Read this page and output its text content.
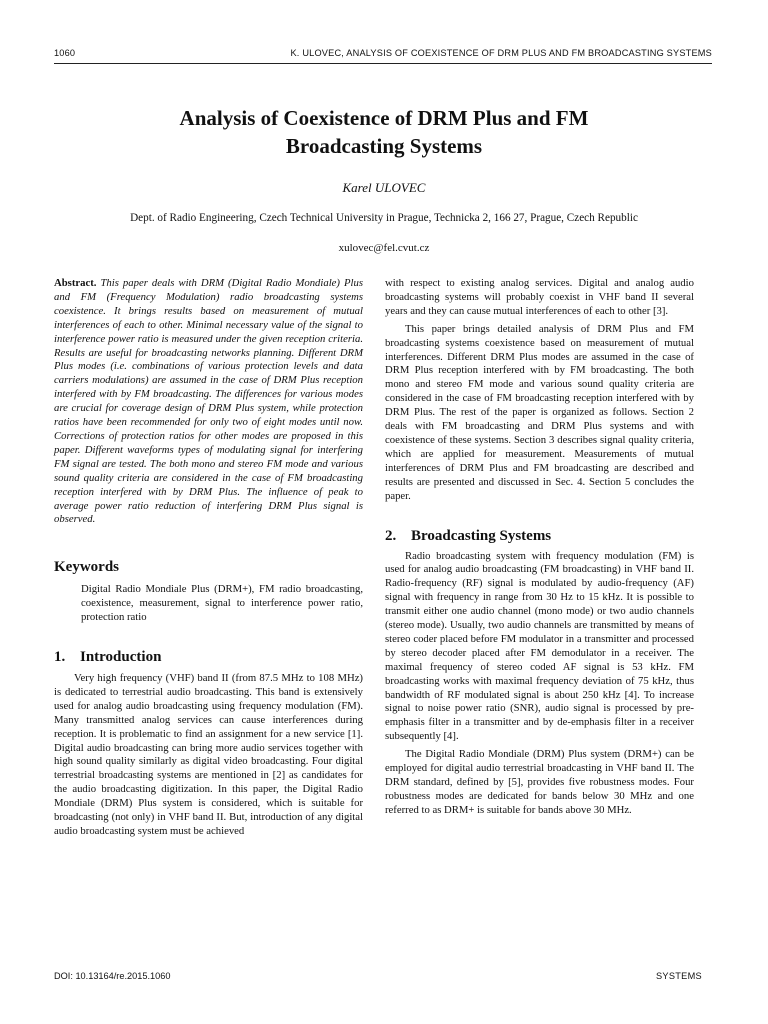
1060	K. ULOVEC, ANALYSIS OF COEXISTENCE OF DRM PLUS AND FM BROADCASTING SYSTEMS
Analysis of Coexistence of DRM Plus and FM
Broadcasting Systems
Karel ULOVEC
Dept. of Radio Engineering, Czech Technical University in Prague, Technicka 2, 166 27, Prague, Czech Republic
xulovec@fel.cvut.cz

Abstract. This paper deals with DRM (Digital Radio Mondiale) Plus and FM (Frequency Modulation) radio broadcasting systems coexistence. It brings results based on measurement of mutual interferences of each to other. Minimal necessary value of the signal to interference power ratio is measured under the given reception criteria. Results are useful for broadcasting networks planning. Different DRM Plus modes (i.e. combinations of various protection levels and data carriers modulations) are assumed in the case of DRM Plus reception interfered with by FM broadcasting. The differences for various modes are crucial for coverage design of DRM Plus system, while protection ratios have been recommended for only two of eight modes until now. Corrections of protection ratios for other modes are proposed in this paper. Different waveforms types of modulating signal for interfering FM signal are tested. The both mono and stereo FM mode and various sound quality criteria are considered in the case of FM broadcasting reception interfered with by DRM Plus. The influence of peak to average power ratio reduction of interfering DRM Plus signal is observed.

Keywords

Digital Radio Mondiale Plus (DRM+), FM radio broadcasting, coexistence, measurement, signal to interference power ratio, protection ratio

1. Introduction

Very high frequency (VHF) band II (from 87.5 MHz to 108 MHz) is dedicated to terrestrial audio broadcasting. This band is extensively used for analog audio broadcasting using frequency modulation (FM). Many transmitted analog services can cause interferences during reception. It is problematic to find an assignment for a new service [1]. Digital audio broadcasting can bring more audio services together with high sound quality similarly as digital video broadcasting. Four digital terrestrial broadcasting systems are mentioned in [2] as candidates for the audio broadcasting digitization. In this paper, the Digital Radio Mondiale (DRM) Plus system is considered, which is suitable for broadcasting (not only) in VHF band II. But, introduction of any digital audio broadcasting system must be achieved

with respect to existing analog services. Digital and analog audio broadcasting systems will probably coexist in VHF band II several years and they can cause mutual interferences of each to other [3].

This paper brings detailed analysis of DRM Plus and FM broadcasting systems coexistence based on measurement of mutual interferences. Different DRM Plus modes are assumed in the case of DRM Plus reception interfered with by FM broadcasting. The both mono and stereo FM mode and various sound quality criteria are considered in the case of FM broadcasting reception interfered with by DRM Plus. The rest of the paper is organized as follows. Section 2 deals with FM broadcasting and DRM Plus systems and with coexistence of these systems. Section 3 describes signal quality criteria, which are applied for measurement. Measurements of mutual interferences of DRM Plus and FM broadcasting are described and results are presented and discussed in Sec. 4. Section 5 concludes the paper.

2. Broadcasting Systems

Radio broadcasting system with frequency modulation (FM) is used for analog audio broadcasting (FM broadcasting) in VHF band II. Radio-frequency (RF) signal is modulated by audio-frequency (AF) signal with frequency in range from 30 Hz to 15 kHz. It is possible to transmit either one audio channel (mono mode) or two audio channels (stereo mode). Usually, two audio channels are transmitted by means of stereo coder placed before FM modulator in a transmitter and processed by stereo decoder placed after FM demodulator in a receiver. The maximal frequency of stereo coded AF signal is 53 kHz. FM broadcasting works with maximal frequency deviation of 75 kHz, thus bandwidth of RF modulated signal is about 250 kHz [4]. To increase signal to noise power ratio (SNR), audio signal is processed by pre-emphasis filter in a transmitter and by de-emphasis filter in a receiver subsequently [4].

The Digital Radio Mondiale (DRM) Plus system (DRM+) can be employed for digital audio terrestrial broadcasting in VHF band II. The DRM standard, defined by [5], provides five robustness modes. Four robustness modes are dedicated for bands below 30 MHz and one referred to as DRM+ is suitable for bands above 30 MHz.

DOI: 10.13164/re.2015.1060	SYSTEMS
